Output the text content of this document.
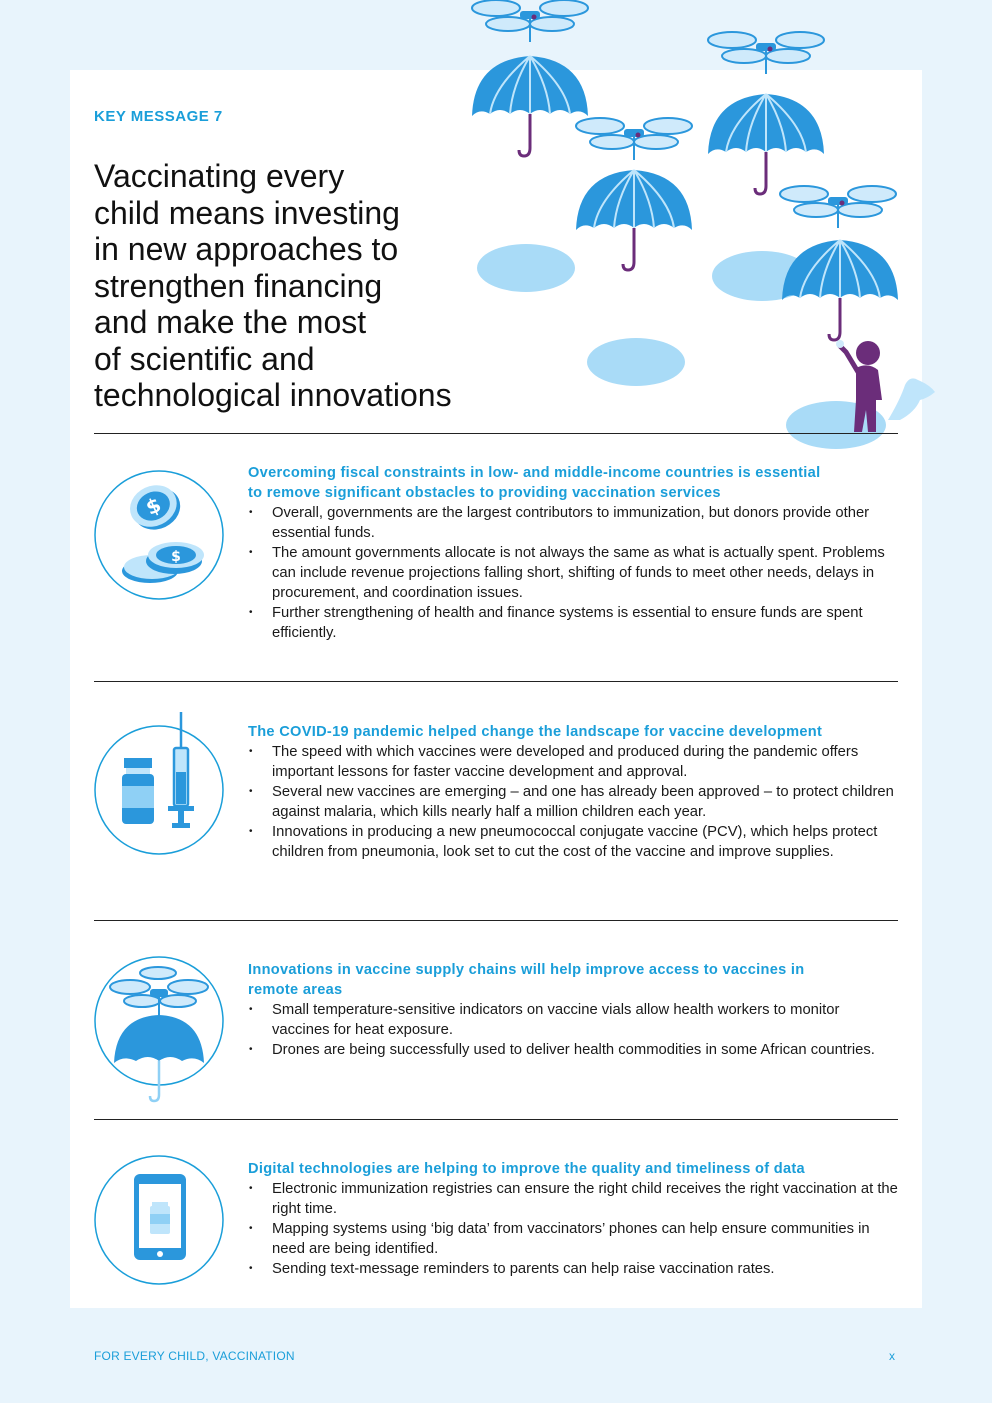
KEY MESSAGE 7
Vaccinating every
child means investing
in new approaches to
strengthen financing
and make the most
of scientific and
technological innovations
$
$
Overcoming fiscal constraints in low- and middle-income countries is essential
to remove significant obstacles to providing vaccination services
• Overall, governments are the largest contributors to immunization, but donors provide other essential funds.
• The amount governments allocate is not always the same as what is actually spent. Problems can include revenue projections falling short, shifting of funds to meet other needs, delays in procurement, and coordination issues.
• Further strengthening of health and finance systems is essential to ensure funds are spent efficiently.
The COVID-19 pandemic helped change the landscape for vaccine development
• The speed with which vaccines were developed and produced during the pandemic offers important lessons for faster vaccine development and approval.
• Several new vaccines are emerging – and one has already been approved – to protect children against malaria, which kills nearly half a million children each year.
• Innovations in producing a new pneumococcal conjugate vaccine (PCV), which helps protect children from pneumonia, look set to cut the cost of the vaccine and improve supplies.
Innovations in vaccine supply chains will help improve access to vaccines in
remote areas
• Small temperature-sensitive indicators on vaccine vials allow health workers to monitor vaccines for heat exposure.
• Drones are being successfully used to deliver health commodities in some African countries.
Digital technologies are helping to improve the quality and timeliness of data
• Electronic immunization registries can ensure the right child receives the right vaccination at the right time.
• Mapping systems using ‘big data’ from vaccinators’ phones can help ensure communities in need are being identified.
• Sending text-message reminders to parents can help raise vaccination rates.
FOR EVERY CHILD, VACCINATION	x
